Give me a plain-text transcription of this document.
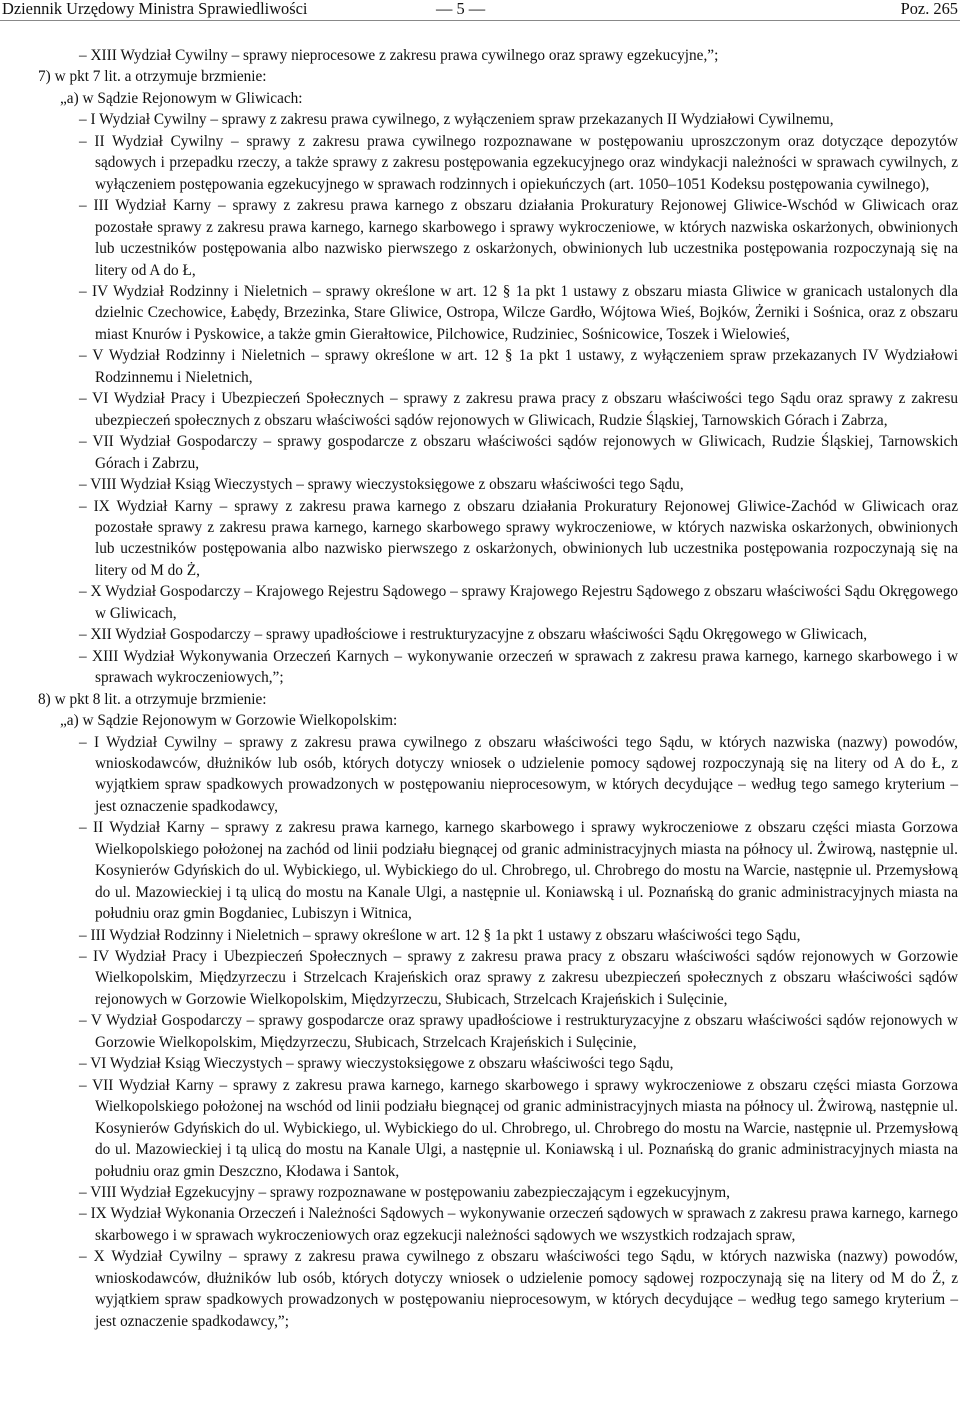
Dziennik Urzędowy Ministra Sprawiedliwości	— 5 —	Poz. 265

– XIII Wydział Cywilny – sprawy nieprocesowe z zakresu prawa cywilnego oraz sprawy egzekucyjne,”;

7) w pkt 7 lit. a otrzymuje brzmienie:

„a) w Sądzie Rejonowym w Gliwicach:

– I Wydział Cywilny – sprawy z zakresu prawa cywilnego, z wyłączeniem spraw przekazanych II Wydziałowi Cywilnemu,

– II Wydział Cywilny – sprawy z zakresu prawa cywilnego rozpoznawane w postępowaniu uproszczonym oraz dotyczące depozytów sądowych i przepadku rzeczy, a także sprawy z zakresu postępowania egzekucyjnego oraz windykacji należności w sprawach cywilnych, z wyłączeniem postępowania egzekucyjnego w sprawach rodzinnych i opiekuńczych (art. 1050–1051 Kodeksu postępowania cywilnego),

– III Wydział Karny – sprawy z zakresu prawa karnego z obszaru działania Prokuratury Rejonowej Gliwice-Wschód w Gliwicach oraz pozostałe sprawy z zakresu prawa karnego, karnego skarbowego i sprawy wykroczeniowe, w których nazwiska oskarżonych, obwinionych lub uczestników postępowania albo nazwisko pierwszego z oskarżonych, obwinionych lub uczestnika postępowania rozpoczynają się na litery od A do Ł,

– IV Wydział Rodzinny i Nieletnich – sprawy określone w art. 12 § 1a pkt 1 ustawy z obszaru miasta Gliwice w granicach ustalonych dla dzielnic Czechowice, Łabędy, Brzezinka, Stare Gliwice, Ostropa, Wilcze Gardło, Wójtowa Wieś, Bojków, Żerniki i Sośnica, oraz z obszaru miast Knurów i Pyskowice, a także gmin Gierałtowice, Pilchowice, Rudziniec, Sośnicowice, Toszek i Wielowieś,

– V Wydział Rodzinny i Nieletnich – sprawy określone w art. 12 § 1a pkt 1 ustawy, z wyłączeniem spraw przekazanych IV Wydziałowi Rodzinnemu i Nieletnich,

– VI Wydział Pracy i Ubezpieczeń Społecznych – sprawy z zakresu prawa pracy z obszaru właściwości tego Sądu oraz sprawy z zakresu ubezpieczeń społecznych z obszaru właściwości sądów rejonowych w Gliwicach, Rudzie Śląskiej, Tarnowskich Górach i Zabrza,

– VII Wydział Gospodarczy – sprawy gospodarcze z obszaru właściwości sądów rejonowych w Gliwicach, Rudzie Śląskiej, Tarnowskich Górach i Zabrzu,

– VIII Wydział Ksiąg Wieczystych – sprawy wieczystoksięgowe z obszaru właściwości tego Sądu,

– IX Wydział Karny – sprawy z zakresu prawa karnego z obszaru działania Prokuratury Rejonowej Gliwice-Zachód w Gliwicach oraz pozostałe sprawy z zakresu prawa karnego, karnego skarbowego sprawy wykroczeniowe, w których nazwiska oskarżonych, obwinionych lub uczestników postępowania albo nazwisko pierwszego z oskarżonych, obwinionych lub uczestnika postępowania rozpoczynają się na litery od M do Ż,

– X Wydział Gospodarczy – Krajowego Rejestru Sądowego – sprawy Krajowego Rejestru Sądowego z obszaru właściwości Sądu Okręgowego w Gliwicach,

– XII Wydział Gospodarczy – sprawy upadłościowe i restrukturyzacyjne z obszaru właściwości Sądu Okręgowego w Gliwicach,

– XIII Wydział Wykonywania Orzeczeń Karnych – wykonywanie orzeczeń w sprawach z zakresu prawa karnego, karnego skarbowego i w sprawach wykroczeniowych,”;

8) w pkt 8 lit. a otrzymuje brzmienie:

„a) w Sądzie Rejonowym w Gorzowie Wielkopolskim:

– I Wydział Cywilny – sprawy z zakresu prawa cywilnego z obszaru właściwości tego Sądu, w których nazwiska (nazwy) powodów, wnioskodawców, dłużników lub osób, których dotyczy wniosek o udzielenie pomocy sądowej rozpoczynają się na litery od A do Ł, z wyjątkiem spraw spadkowych prowadzonych w postępowaniu nieprocesowym, w których decydujące – według tego samego kryterium – jest oznaczenie spadkodawcy,

– II Wydział Karny – sprawy z zakresu prawa karnego, karnego skarbowego i sprawy wykroczeniowe z obszaru części miasta Gorzowa Wielkopolskiego położonej na zachód od linii podziału biegnącej od granic administracyjnych miasta na północy ul. Żwirową, następnie ul. Kosynierów Gdyńskich do ul. Wybickiego, ul. Wybickiego do ul. Chrobrego, ul. Chrobrego do mostu na Warcie, następnie ul. Przemysłową do ul. Mazowieckiej i tą ulicą do mostu na Kanale Ulgi, a następnie ul. Koniawską i ul. Poznańską do granic administracyjnych miasta na południu oraz gmin Bogdaniec, Lubiszyn i Witnica,

– III Wydział Rodzinny i Nieletnich – sprawy określone w art. 12 § 1a pkt 1 ustawy z obszaru właściwości tego Sądu,

– IV Wydział Pracy i Ubezpieczeń Społecznych – sprawy z zakresu prawa pracy z obszaru właściwości sądów rejonowych w Gorzowie Wielkopolskim, Międzyrzeczu i Strzelcach Krajeńskich oraz sprawy z zakresu ubezpieczeń społecznych z obszaru właściwości sądów rejonowych w Gorzowie Wielkopolskim, Międzyrzeczu, Słubicach, Strzelcach Krajeńskich i Sulęcinie,

– V Wydział Gospodarczy – sprawy gospodarcze oraz sprawy upadłościowe i restrukturyzacyjne z obszaru właściwości sądów rejonowych w Gorzowie Wielkopolskim, Międzyrzeczu, Słubicach, Strzelcach Krajeńskich i Sulęcinie,

– VI Wydział Ksiąg Wieczystych – sprawy wieczystoksięgowe z obszaru właściwości tego Sądu,

– VII Wydział Karny – sprawy z zakresu prawa karnego, karnego skarbowego i sprawy wykroczeniowe z obszaru części miasta Gorzowa Wielkopolskiego położonej na wschód od linii podziału biegnącej od granic administracyjnych miasta na północy ul. Żwirową, następnie ul. Kosynierów Gdyńskich do ul. Wybickiego, ul. Wybickiego do ul. Chrobrego, ul. Chrobrego do mostu na Warcie, następnie ul. Przemysłową do ul. Mazowieckiej i tą ulicą do mostu na Kanale Ulgi, a następnie ul. Koniawską i ul. Poznańską do granic administracyjnych miasta na południu oraz gmin Deszczno, Kłodawa i Santok,

– VIII Wydział Egzekucyjny – sprawy rozpoznawane w postępowaniu zabezpieczającym i egzekucyjnym,

– IX Wydział Wykonania Orzeczeń i Należności Sądowych – wykonywanie orzeczeń sądowych w sprawach z zakresu prawa karnego, karnego skarbowego i w sprawach wykroczeniowych oraz egzekucji należności sądowych we wszystkich rodzajach spraw,

– X Wydział Cywilny – sprawy z zakresu prawa cywilnego z obszaru właściwości tego Sądu, w których nazwiska (nazwy) powodów, wnioskodawców, dłużników lub osób, których dotyczy wniosek o udzielenie pomocy sądowej rozpoczynają się na litery od M do Ż, z wyjątkiem spraw spadkowych prowadzonych w postępowaniu nieprocesowym, w których decydujące – według tego samego kryterium – jest oznaczenie spadkodawcy,”;
